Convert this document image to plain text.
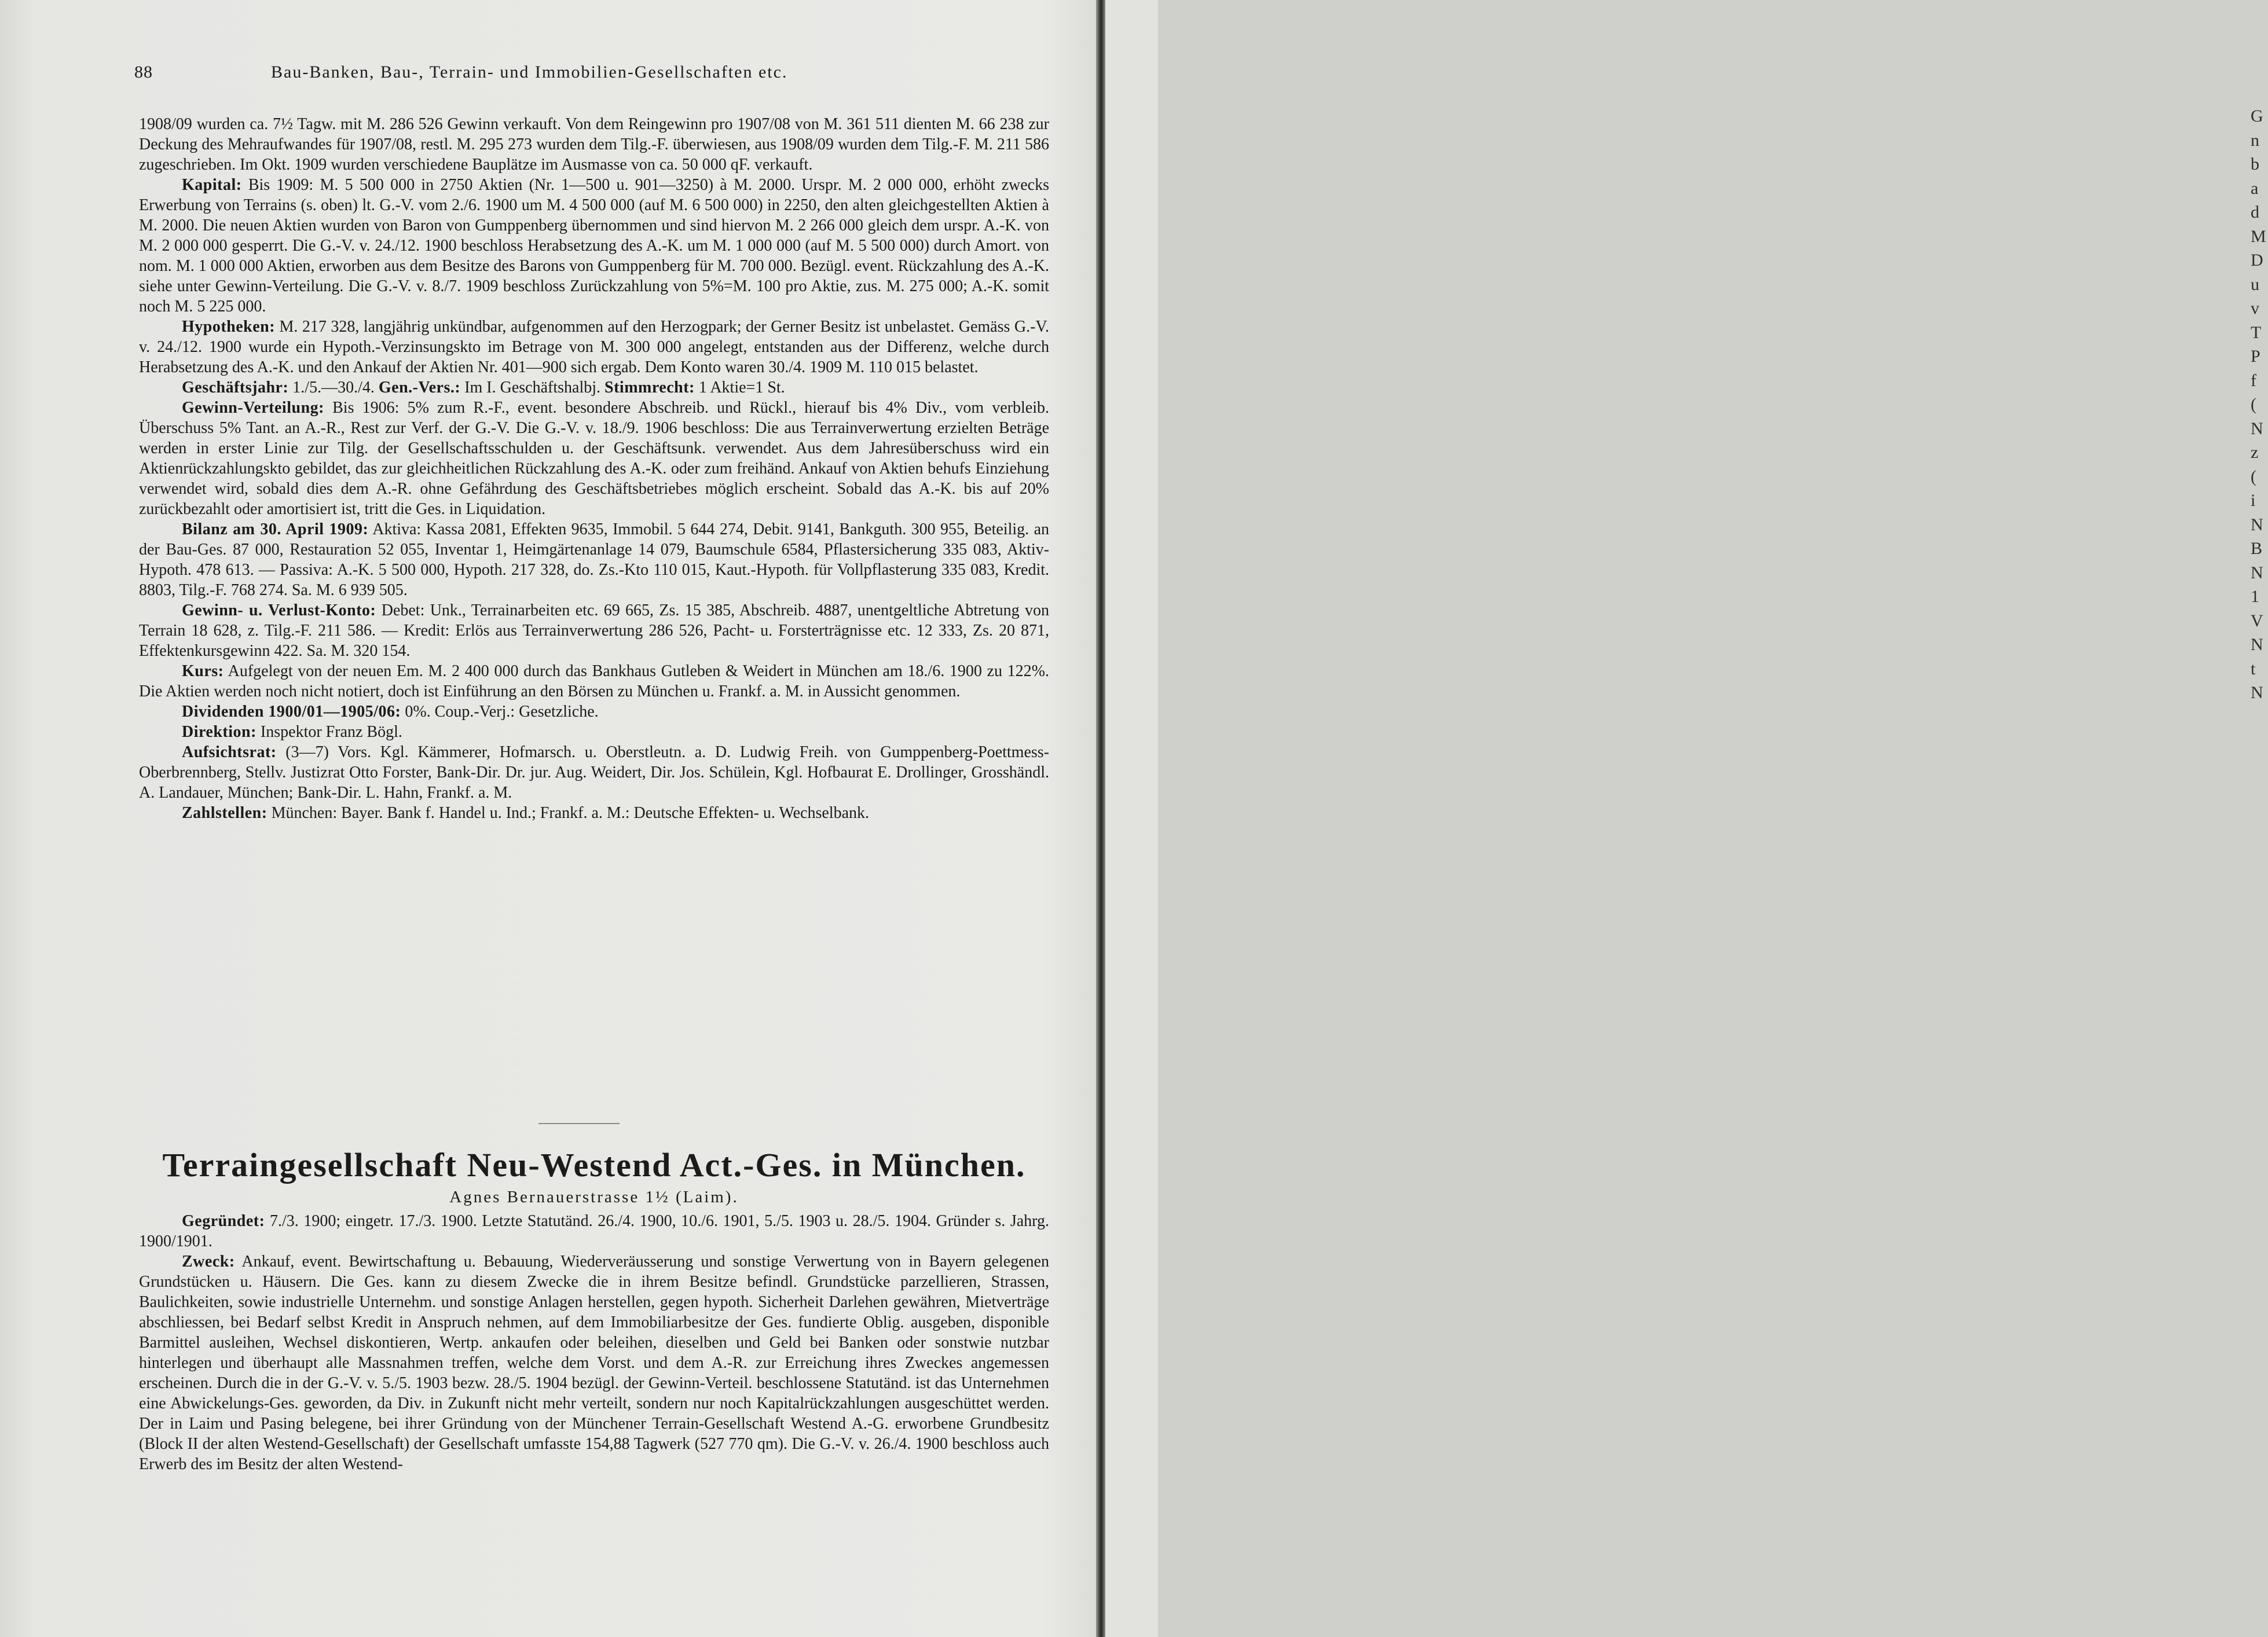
G
n
b
a
d
M
D
u
v
T
P
f
(
N
z
(
i
N
B
N
1
V
N
t
N
88	Bau-Banken, Bau-, Terrain- und Immobilien-Gesellschaften etc.

1908/09 wurden ca. 7½ Tagw. mit M. 286 526 Gewinn verkauft. Von dem Reingewinn pro 1907/08 von M. 361 511 dienten M. 66 238 zur Deckung des Mehraufwandes für 1907/08, restl. M. 295 273 wurden dem Tilg.-F. überwiesen, aus 1908/09 wurden dem Tilg.-F. M. 211 586 zugeschrieben. Im Okt. 1909 wurden verschiedene Bauplätze im Ausmasse von ca. 50 000 qF. verkauft.

Kapital: Bis 1909: M. 5 500 000 in 2750 Aktien (Nr. 1—500 u. 901—3250) à M. 2000. Urspr. M. 2 000 000, erhöht zwecks Erwerbung von Terrains (s. oben) lt. G.-V. vom 2./6. 1900 um M. 4 500 000 (auf M. 6 500 000) in 2250, den alten gleichgestellten Aktien à M. 2000. Die neuen Aktien wurden von Baron von Gumppenberg übernommen und sind hiervon M. 2 266 000 gleich dem urspr. A.-K. von M. 2 000 000 gesperrt. Die G.-V. v. 24./12. 1900 beschloss Herabsetzung des A.-K. um M. 1 000 000 (auf M. 5 500 000) durch Amort. von nom. M. 1 000 000 Aktien, erworben aus dem Besitze des Barons von Gumppenberg für M. 700 000. Bezügl. event. Rückzahlung des A.-K. siehe unter Gewinn-Verteilung. Die G.-V. v. 8./7. 1909 beschloss Zurückzahlung von 5%=M. 100 pro Aktie, zus. M. 275 000; A.-K. somit noch M. 5 225 000.

Hypotheken: M. 217 328, langjährig unkündbar, aufgenommen auf den Herzogpark; der Gerner Besitz ist unbelastet. Gemäss G.-V. v. 24./12. 1900 wurde ein Hypoth.-Verzinsungskto im Betrage von M. 300 000 angelegt, entstanden aus der Differenz, welche durch Herabsetzung des A.-K. und den Ankauf der Aktien Nr. 401—900 sich ergab. Dem Konto waren 30./4. 1909 M. 110 015 belastet.

Geschäftsjahr: 1./5.—30./4. Gen.-Vers.: Im I. Geschäftshalbj. Stimmrecht: 1 Aktie=1 St.

Gewinn-Verteilung: Bis 1906: 5% zum R.-F., event. besondere Abschreib. und Rückl., hierauf bis 4% Div., vom verbleib. Überschuss 5% Tant. an A.-R., Rest zur Verf. der G.-V. Die G.-V. v. 18./9. 1906 beschloss: Die aus Terrainverwertung erzielten Beträge werden in erster Linie zur Tilg. der Gesellschaftsschulden u. der Geschäftsunk. verwendet. Aus dem Jahresüberschuss wird ein Aktienrückzahlungskto gebildet, das zur gleichheitlichen Rückzahlung des A.-K. oder zum freihänd. Ankauf von Aktien behufs Einziehung verwendet wird, sobald dies dem A.-R. ohne Gefährdung des Geschäftsbetriebes möglich erscheint. Sobald das A.-K. bis auf 20% zurückbezahlt oder amortisiert ist, tritt die Ges. in Liquidation.

Bilanz am 30. April 1909: Aktiva: Kassa 2081, Effekten 9635, Immobil. 5 644 274, Debit. 9141, Bankguth. 300 955, Beteilig. an der Bau-Ges. 87 000, Restauration 52 055, Inventar 1, Heimgärtenanlage 14 079, Baumschule 6584, Pflastersicherung 335 083, Aktiv-Hypoth. 478 613. — Passiva: A.-K. 5 500 000, Hypoth. 217 328, do. Zs.-Kto 110 015, Kaut.-Hypoth. für Vollpflasterung 335 083, Kredit. 8803, Tilg.-F. 768 274. Sa. M. 6 939 505.

Gewinn- u. Verlust-Konto: Debet: Unk., Terrainarbeiten etc. 69 665, Zs. 15 385, Abschreib. 4887, unentgeltliche Abtretung von Terrain 18 628, z. Tilg.-F. 211 586. — Kredit: Erlös aus Terrainverwertung 286 526, Pacht- u. Forsterträgnisse etc. 12 333, Zs. 20 871, Effektenkursgewinn 422. Sa. M. 320 154.

Kurs: Aufgelegt von der neuen Em. M. 2 400 000 durch das Bankhaus Gutleben & Weidert in München am 18./6. 1900 zu 122%. Die Aktien werden noch nicht notiert, doch ist Einführung an den Börsen zu München u. Frankf. a. M. in Aussicht genommen.

Dividenden 1900/01—1905/06: 0%. Coup.-Verj.: Gesetzliche.

Direktion: Inspektor Franz Bögl.

Aufsichtsrat: (3—7) Vors. Kgl. Kämmerer, Hofmarsch. u. Oberstleutn. a. D. Ludwig Freih. von Gumppenberg-Poettmess-Oberbrennberg, Stellv. Justizrat Otto Forster, Bank-Dir. Dr. jur. Aug. Weidert, Dir. Jos. Schülein, Kgl. Hofbaurat E. Drollinger, Grosshändl. A. Landauer, München; Bank-Dir. L. Hahn, Frankf. a. M.

Zahlstellen: München: Bayer. Bank f. Handel u. Ind.; Frankf. a. M.: Deutsche Effekten- u. Wechselbank.

Terraingesellschaft Neu-Westend Act.-Ges. in München.
Agnes Bernauerstrasse 1½ (Laim).

Gegründet: 7./3. 1900; eingetr. 17./3. 1900. Letzte Statutänd. 26./4. 1900, 10./6. 1901, 5./5. 1903 u. 28./5. 1904. Gründer s. Jahrg. 1900/1901.

Zweck: Ankauf, event. Bewirtschaftung u. Bebauung, Wiederveräusserung und sonstige Verwertung von in Bayern gelegenen Grundstücken u. Häusern. Die Ges. kann zu diesem Zwecke die in ihrem Besitze befindl. Grundstücke parzellieren, Strassen, Baulichkeiten, sowie industrielle Unternehm. und sonstige Anlagen herstellen, gegen hypoth. Sicherheit Darlehen gewähren, Mietverträge abschliessen, bei Bedarf selbst Kredit in Anspruch nehmen, auf dem Immobiliarbesitze der Ges. fundierte Oblig. ausgeben, disponible Barmittel ausleihen, Wechsel diskontieren, Wertp. ankaufen oder beleihen, dieselben und Geld bei Banken oder sonstwie nutzbar hinterlegen und überhaupt alle Massnahmen treffen, welche dem Vorst. und dem A.-R. zur Erreichung ihres Zweckes angemessen erscheinen. Durch die in der G.-V. v. 5./5. 1903 bezw. 28./5. 1904 bezügl. der Gewinn-Verteil. beschlossene Statutänd. ist das Unternehmen eine Abwickelungs-Ges. geworden, da Div. in Zukunft nicht mehr verteilt, sondern nur noch Kapitalrückzahlungen ausgeschüttet werden. Der in Laim und Pasing belegene, bei ihrer Gründung von der Münchener Terrain-Gesellschaft Westend A.-G. erworbene Grundbesitz (Block II der alten Westend-Gesellschaft) der Gesellschaft umfasste 154,88 Tagwerk (527 770 qm). Die G.-V. v. 26./4. 1900 beschloss auch Erwerb des im Besitz der alten Westend-
